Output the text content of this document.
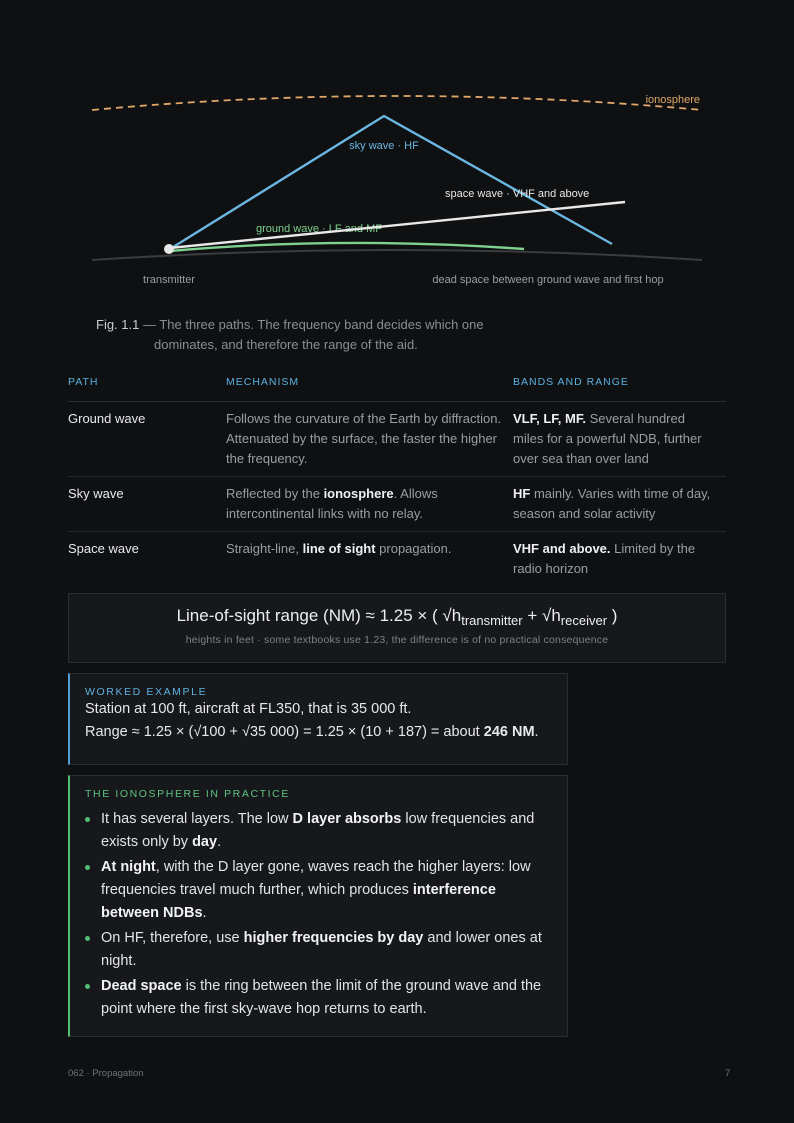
ionosphere
sky wave · HF
ground wave · LF and MF
space wave · VHF and above
transmitter	dead space between ground wave and first hop
Fig. 1.1 — The three paths. The frequency band decides which one
dominates, and therefore the range of the aid.
PATH	MECHANISM	BANDS AND RANGE
Ground wave	Follows the curvature of the Earth by diffraction. Attenuated by the surface, the faster the higher the frequency.	VLF, LF, MF. Several hundred miles for a powerful NDB, further over sea than over land
Sky wave	Reflected by the ionosphere. Allows intercontinental links with no relay.	HF mainly. Varies with time of day, season and solar activity
Space wave	Straight-line, line of sight propagation.	VHF and above. Limited by the radio horizon
Line-of-sight range (NM) ≈ 1.25 × ( $√h_{transmitter} + √h_{receiver}$ )
heights in feet · some textbooks use 1.23, the difference is of no practical consequence
WORKED EXAMPLE
Station at 100 ft, aircraft at FL350, that is 35 000 ft.
Range ≈ 1.25 × (√100 + √35 000) = 1.25 × (10 + 187) = about 246 NM.
THE IONOSPHERE IN PRACTICE
It has several layers. The low D layer absorbs low frequencies and exists only by day.
At night, with the D layer gone, waves reach the higher layers: low frequencies travel much further, which produces interference between NDBs.
On HF, therefore, use higher frequencies by day and lower ones at night.
Dead space is the ring between the limit of the ground wave and the point where the first sky-wave hop returns to earth.
062 · Propagation	7
